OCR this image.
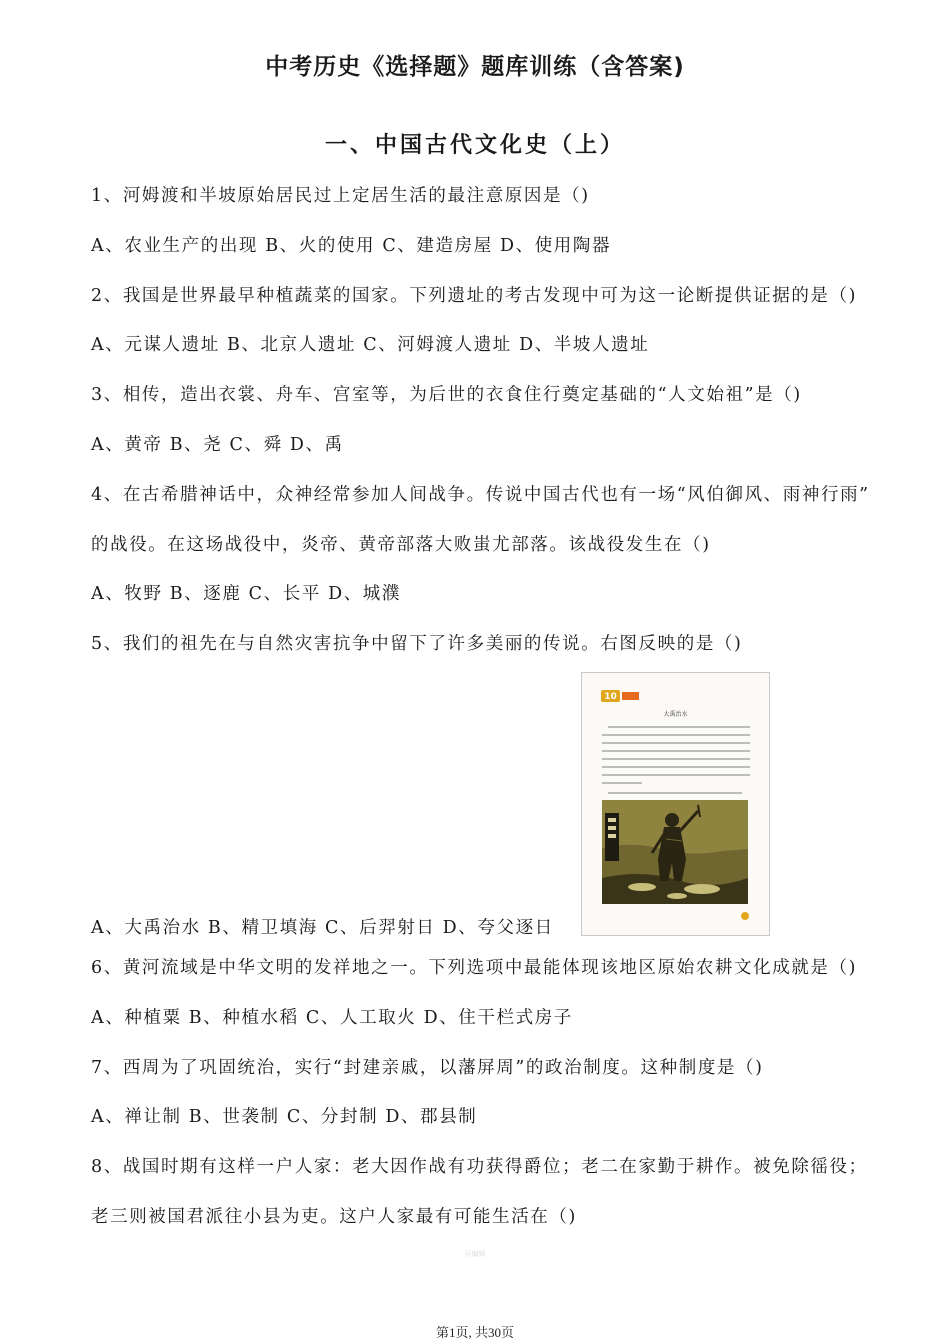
中考历史《选择题》题库训练（含答案)
一、中国古代文化史（上）
1、河姆渡和半坡原始居民过上定居生活的最注意原因是（)
A、农业生产的出现 B、火的使用 C、建造房屋 D、使用陶器
2、我国是世界最早种植蔬菜的国家。下列遗址的考古发现中可为这一论断提供证据的是（)
A、元谋人遗址 B、北京人遗址 C、河姆渡人遗址 D、半坡人遗址
3、相传，造出衣裳、舟车、宫室等，为后世的衣食住行奠定基础的“人文始祖”是（)
A、黄帝 B、尧 C、舜 D、禹
4、在古希腊神话中，众神经常参加人间战争。传说中国古代也有一场“风伯御风、雨神行雨”
的战役。在这场战役中，炎帝、黄帝部落大败蚩尤部落。该战役发生在（)
A、牧野 B、逐鹿 C、长平 D、城濮
5、我们的祖先在与自然灾害抗争中留下了许多美丽的传说。右图反映的是（)
10
大禹治水
A、大禹治水 B、精卫填海 C、后羿射日 D、夸父逐日
6、黄河流域是中华文明的发祥地之一。下列选项中最能体现该地区原始农耕文化成就是（)
A、种植粟 B、种植水稻 C、人工取火 D、住干栏式房子
7、西周为了巩固统治，实行“封建亲戚，以藩屏周”的政治制度。这种制度是（)
A、禅让制 B、世袭制 C、分封制 D、郡县制
8、战国时期有这样一户人家：老大因作战有功获得爵位；老二在家勤于耕作。被免除徭役；
老三则被国君派往小县为吏。这户人家最有可能生活在（)
可编辑
第1页, 共30页
